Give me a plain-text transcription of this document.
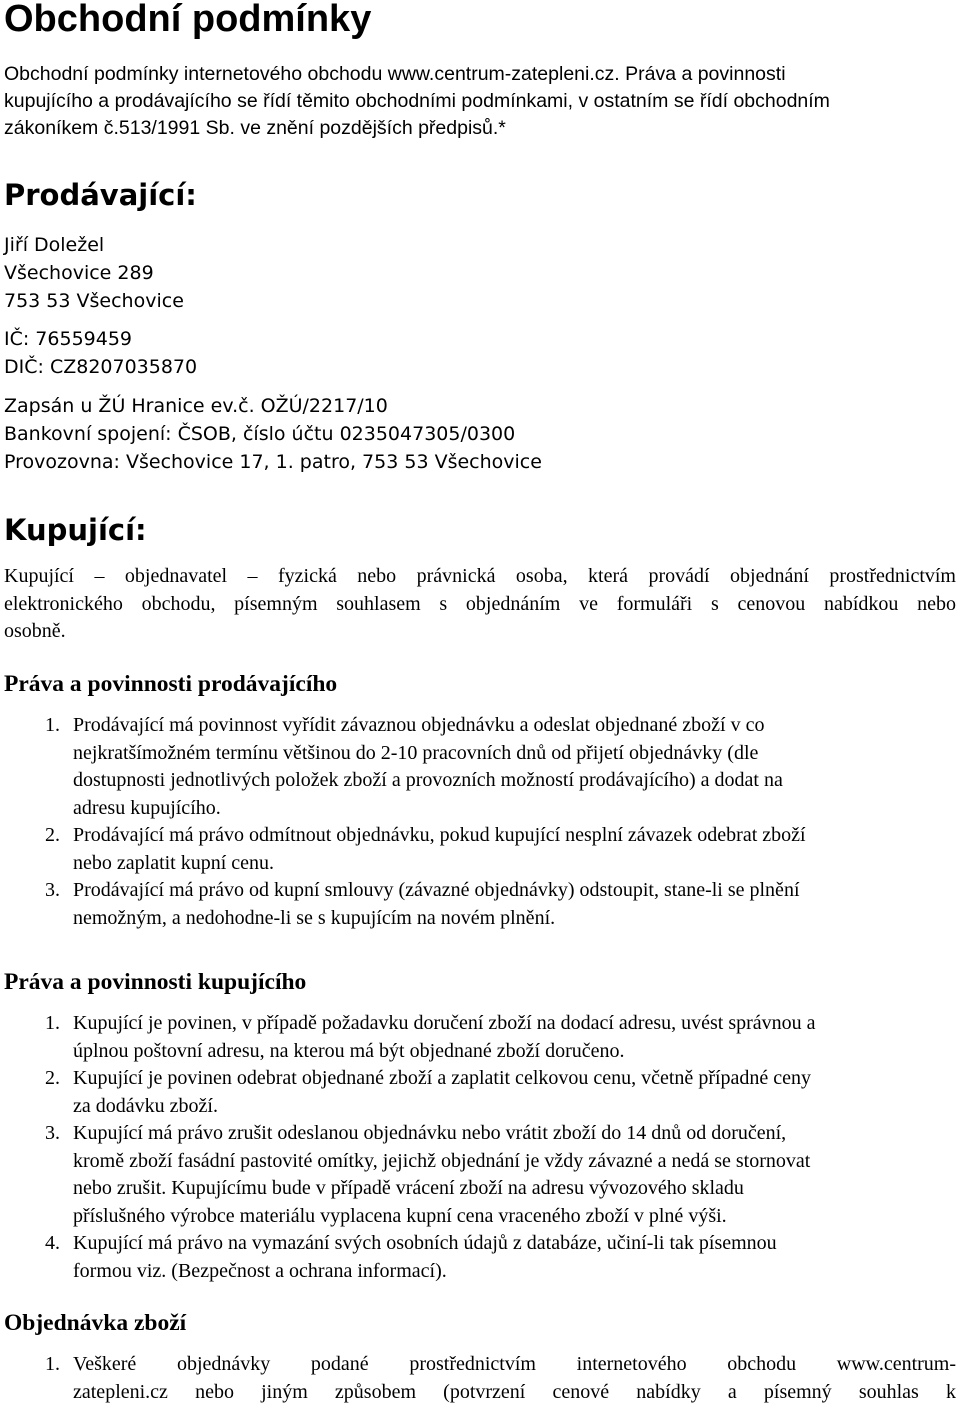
Obchodní podmínky
Obchodní podmínky internetového obchodu www.centrum-zatepleni.cz. Práva a povinnosti
kupujícího a prodávajícího se řídí těmito obchodními podmínkami, v ostatním se řídí obchodním
zákoníkem č.513/1991 Sb. ve znění pozdějších předpisů.*
Prodávající:
Jiří Doležel
Všechovice 289
753 53 Všechovice
IČ: 76559459
DIČ: CZ8207035870
Zapsán u ŽÚ Hranice ev.č. OŽÚ/2217/10
Bankovní spojení: ČSOB, číslo účtu 0235047305/0300
Provozovna: Všechovice 17, 1. patro, 753 53 Všechovice
Kupující:
Kupující – objednavatel – fyzická nebo právnická osoba, která provádí objednání prostřednictvím
elektronického obchodu, písemným souhlasem s objednáním ve formuláři s cenovou nabídkou nebo
osobně.
Práva a povinnosti prodávajícího
1. Prodávající má povinnost vyřídit závaznou objednávku a odeslat objednané zboží v co
nejkratšímožném termínu většinou do 2-10 pracovních dnů od přijetí objednávky (dle
dostupnosti jednotlivých položek zboží a provozních možností prodávajícího) a dodat na
adresu kupujícího.
2. Prodávající má právo odmítnout objednávku, pokud kupující nesplní závazek odebrat zboží
nebo zaplatit kupní cenu.
3. Prodávající má právo od kupní smlouvy (závazné objednávky) odstoupit, stane-li se plnění
nemožným, a nedohodne-li se s kupujícím na novém plnění.
Práva a povinnosti kupujícího
1. Kupující je povinen, v případě požadavku doručení zboží na dodací adresu, uvést správnou a
úplnou poštovní adresu, na kterou má být objednané zboží doručeno.
2. Kupující je povinen odebrat objednané zboží a zaplatit celkovou cenu, včetně případné ceny
za dodávku zboží.
3. Kupující má právo zrušit odeslanou objednávku nebo vrátit zboží do 14 dnů od doručení,
kromě zboží fasádní pastovité omítky, jejichž objednání je vždy závazné a nedá se stornovat
nebo zrušit. Kupujícímu bude v případě vrácení zboží na adresu vývozového skladu
příslušného výrobce materiálu vyplacena kupní cena vraceného zboží v plné výši.
4. Kupující má právo na vymazání svých osobních údajů z databáze, učiní-li tak písemnou
formou viz. (Bezpečnost a ochrana informací).
Objednávka zboží
1. Veškeré objednávky podané prostřednictvím internetového obchodu www.centrum-
zatepleni.cz nebo jiným způsobem (potvrzení cenové nabídky a písemný souhlas k
